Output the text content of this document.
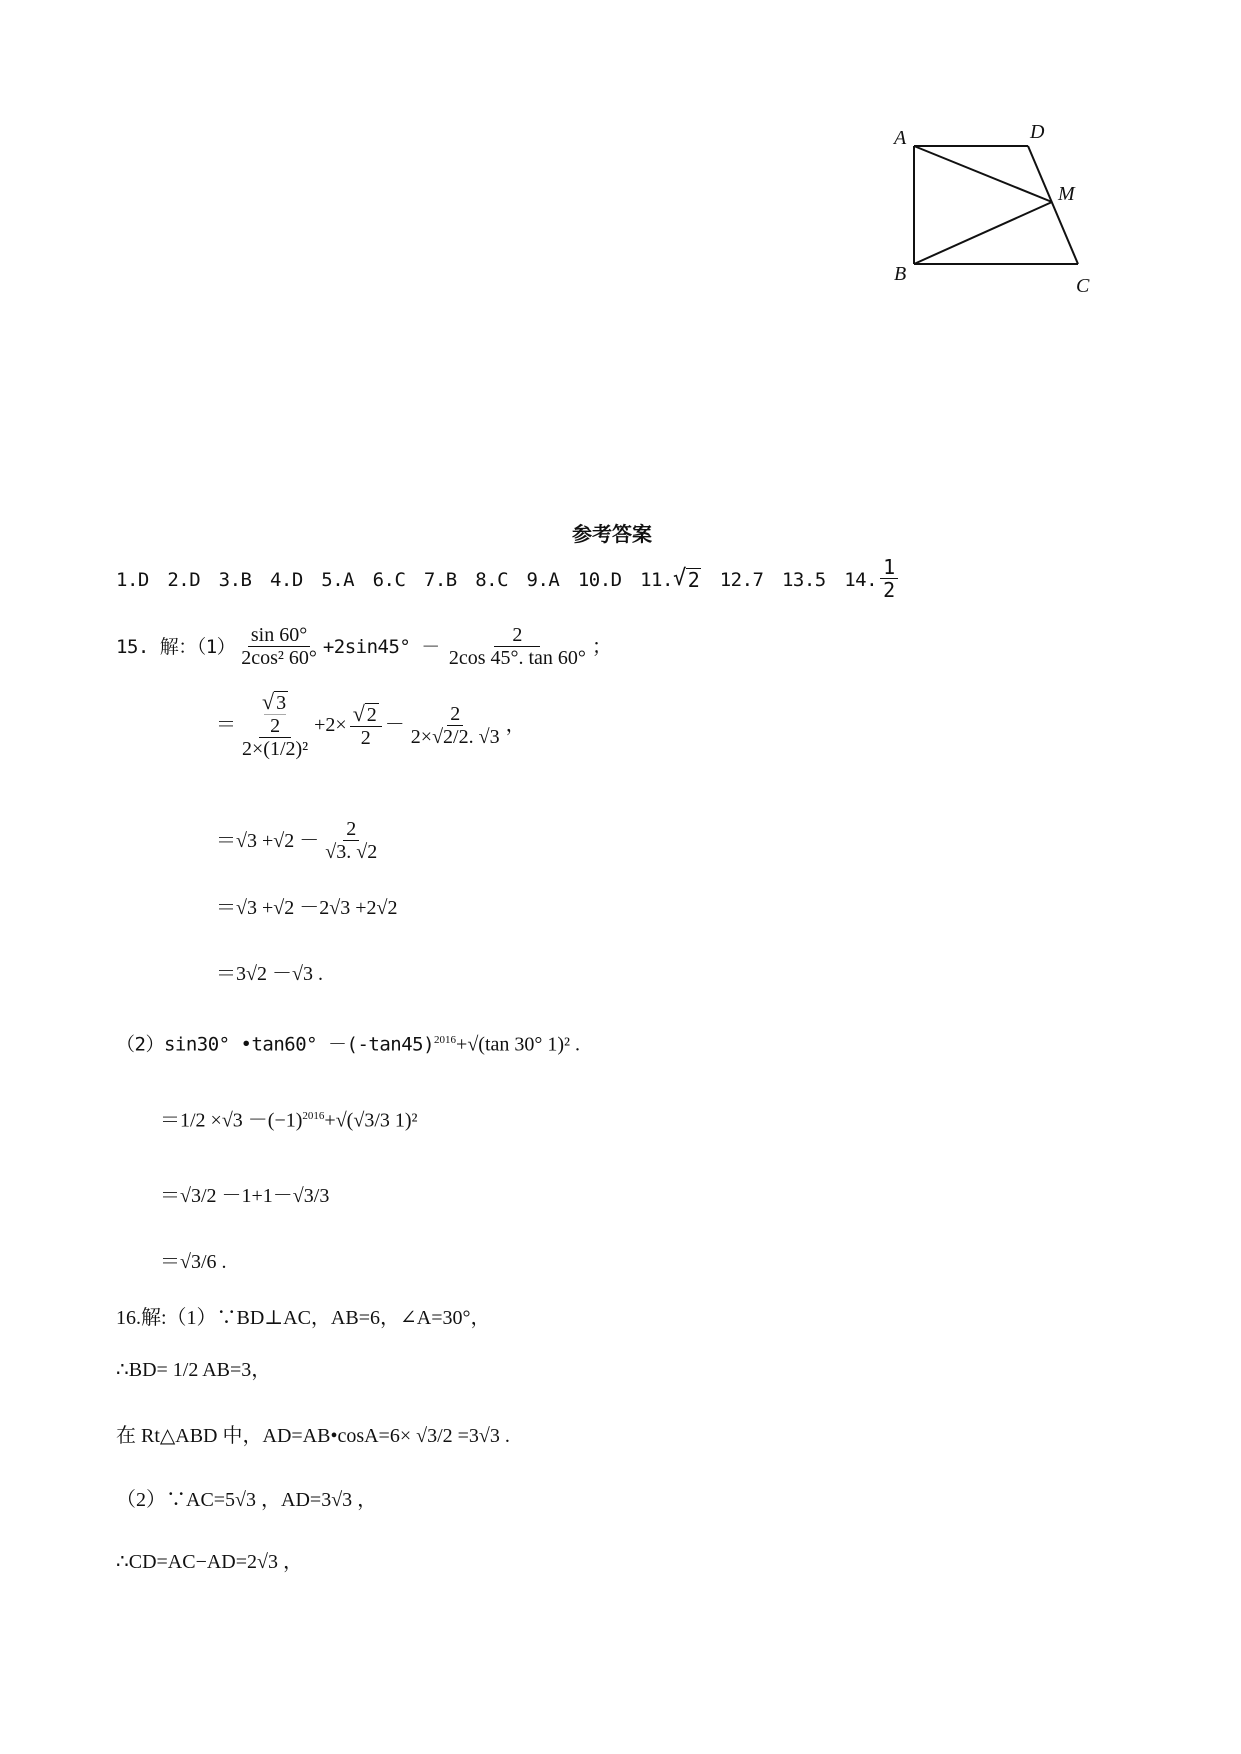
A	D
M
B
C
参考答案
1.D　2.D　3.B　4.D　5.A　6.C　7.B　8.C　9.A　10.D　11. √ 2 　12.7　13.5　14. $\frac{1}{2}$
15. 解：$(1) \frac{\sin 60^\circ}{\text{2cos² 60°}} +2\sin 45^\circ - \frac{2}{2\cos 45^\circ. \tan 60^\circ}$ ；
＝ √ 3
2
$2\times(1/2)^2 +2\times \frac{√ 2}{2} - \frac{2}{2\times√2/2. √3}$ ，
$=√3 +√2 - \frac{2}{√3. √2}$
＝√3 +√2 －2√3 +2√2
＝3√2 －√3 .
（2）sin30° •tan60° $-(-\tan 45)^{2016}+√(\tan$ 30° 1)² .
$=1/2 \times√3 -(-1)^{2016}+√(√3/3$ 1)²
＝√3/2 －1+1－√3/3
＝√3/6 .
16.解:（1）∵BD⊥AC，AB=6，∠A=30°，
∴BD= 1/2 AB=3，
在 Rt△ABD 中，AD=AB•cosA=6× √3/2 =3√3 .
（2）∵AC=5√3 ，AD=3√3 ，
∴CD=AC−AD=2√3 ，
